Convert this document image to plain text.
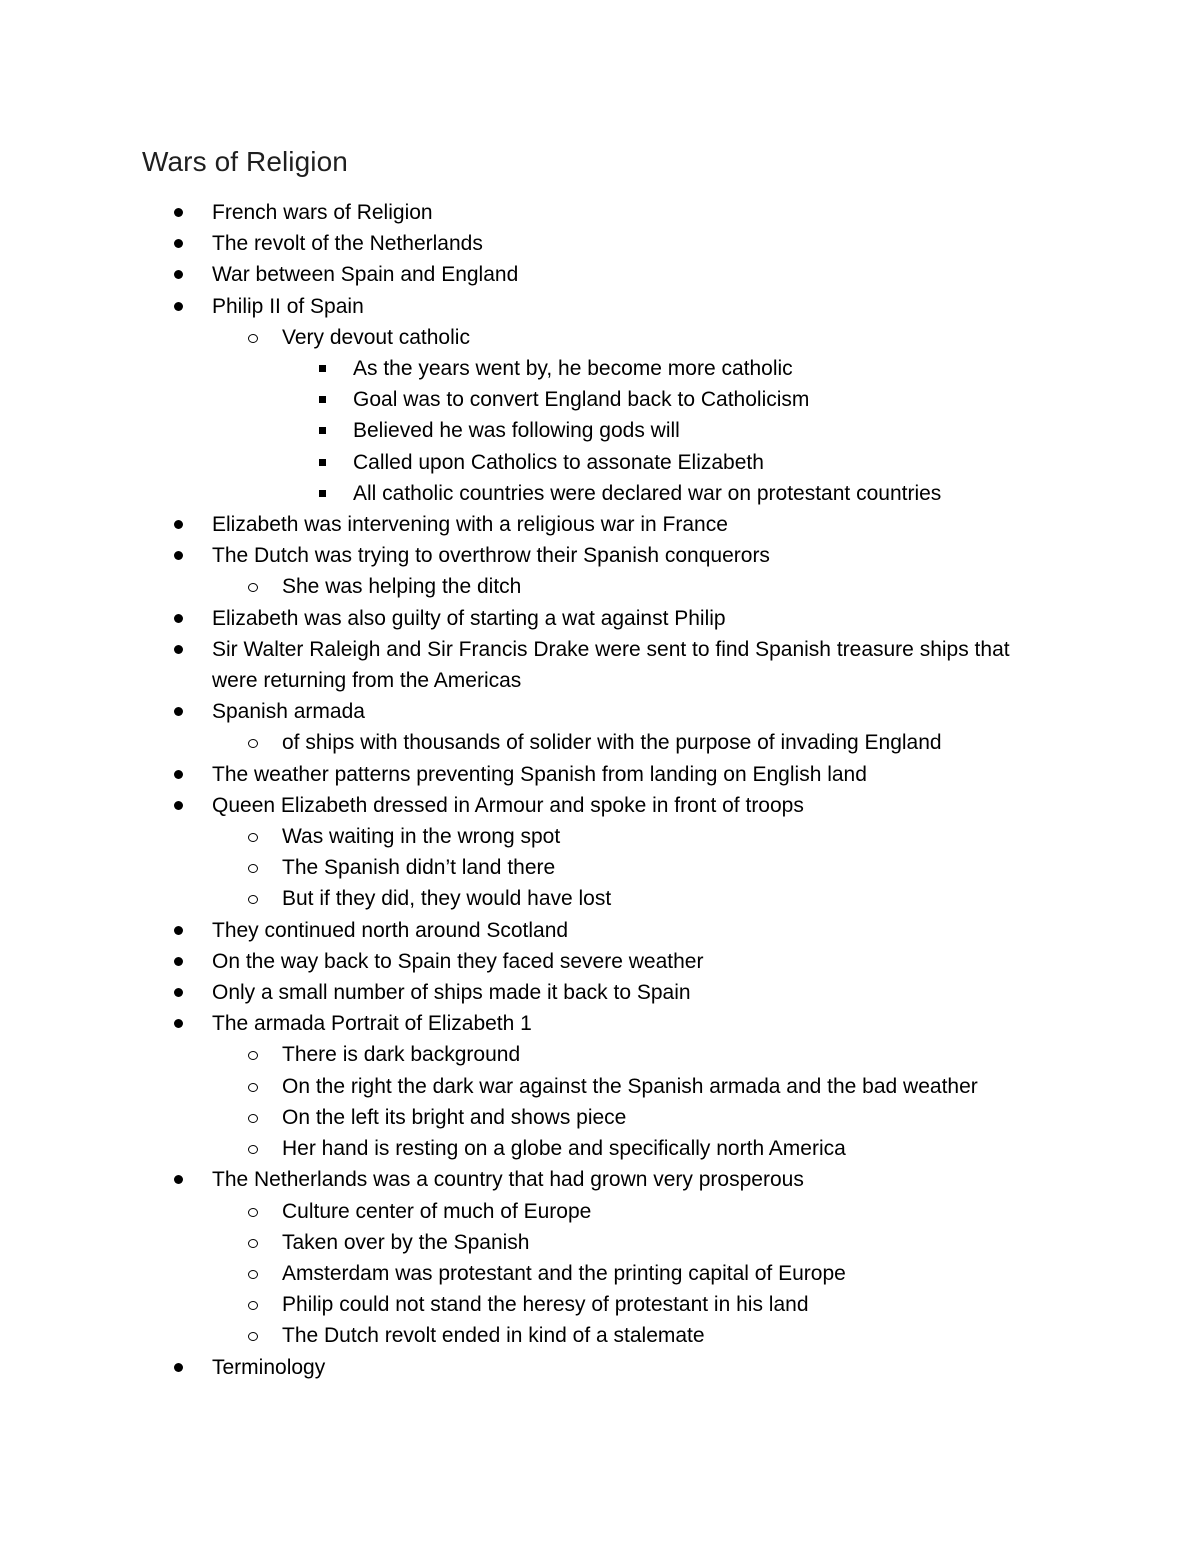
Wars of Religion
French wars of Religion
The revolt of the Netherlands
War between Spain and England
Philip II of Spain
Very devout catholic
As the years went by, he become more catholic
Goal was to convert England back to Catholicism
Believed he was following gods will
Called upon Catholics to assonate Elizabeth
All catholic countries were declared war on protestant countries
Elizabeth was intervening with a religious war in France
The Dutch was trying to overthrow their Spanish conquerors
She was helping the ditch
Elizabeth was also guilty of starting a wat against Philip
Sir Walter Raleigh and Sir Francis Drake were sent to find Spanish treasure ships that were returning from the Americas
Spanish armada
of ships with thousands of solider with the purpose of invading England
The weather patterns preventing Spanish from landing on English land
Queen Elizabeth dressed in Armour and spoke in front of troops
Was waiting in the wrong spot
The Spanish didn’t land there
But if they did, they would have lost
They continued north around Scotland
On the way back to Spain they faced severe weather
Only a small number of ships made it back to Spain
The armada Portrait of Elizabeth 1
There is dark background
On the right the dark war against the Spanish armada and the bad weather
On the left its bright and shows piece
Her hand is resting on a globe and specifically north America
The Netherlands was a country that had grown very prosperous
Culture center of much of Europe
Taken over by the Spanish
Amsterdam was protestant and the printing capital of Europe
Philip could not stand the heresy of protestant in his land
The Dutch revolt ended in kind of a stalemate
Terminology
